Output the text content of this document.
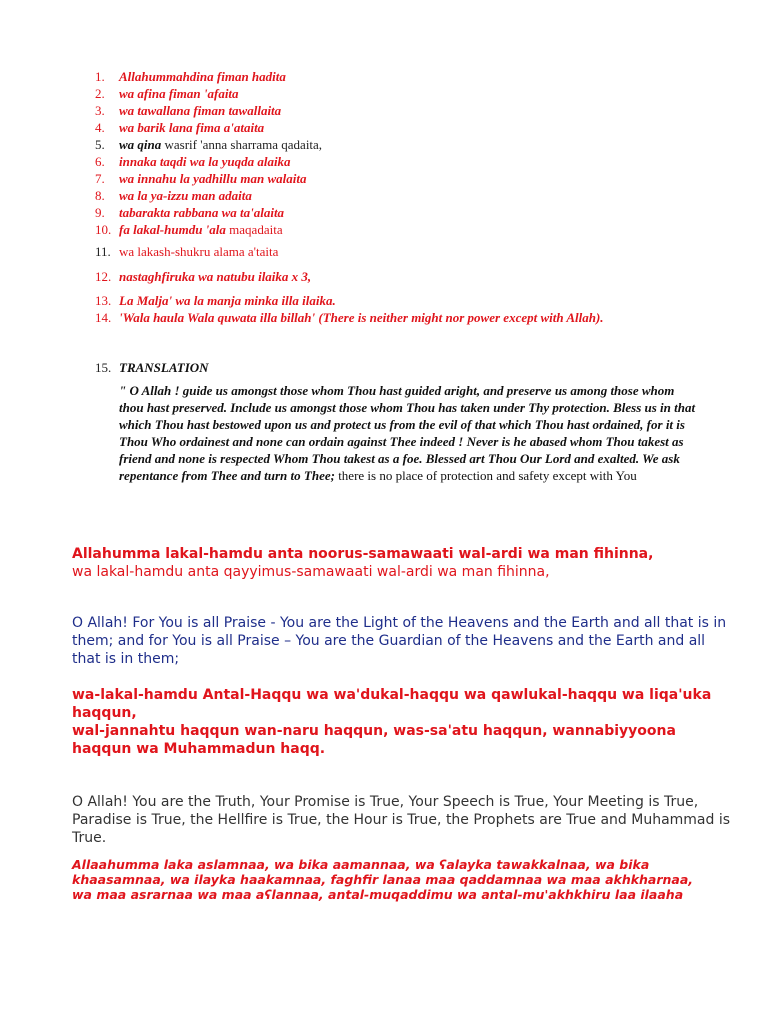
1. Allahummahdina fiman hadita
2. wa afina fiman 'afaita
3. wa tawallana fiman tawallaita
4. wa barik lana fima a'ataita
5. wa qina wasrif 'anna sharrama qadaita,
6. innaka taqdi wa la yuqda alaika
7. wa innahu la yadhillu man walaita
8. wa la ya-izzu man adaita
9. tabarakta rabbana wa ta'alaita
10. fa lakal-humdu 'ala maqadaita
11. wa lakash-shukru alama a'taita
12. nastaghfiruka wa natubu ilaika x 3,
13. La Malja' wa la manja minka illa ilaika.
14. 'Wala haula Wala quwata illa billah' (There is neither might nor power except with Allah).
15. TRANSLATION
" O Allah ! guide us amongst those whom Thou hast guided aright, and preserve us among those whom thou hast preserved. Include us amongst those whom Thou has taken under Thy protection. Bless us in that which Thou hast bestowed upon us and protect us from the evil of that which Thou hast ordained, for it is Thou Who ordainest and none can ordain against Thee indeed ! Never is he abased whom Thou takest as friend and none is respected Whom Thou takest as a foe. Blessed art Thou Our Lord and exalted. We ask repentance from Thee and turn to Thee; there is no place of protection and safety except with You
Allahumma lakal-hamdu anta noorus-samawaati wal-ardi wa man fihinna,
wa lakal-hamdu anta qayyimus-samawaati wal-ardi wa man fihinna,
O Allah! For You is all Praise - You are the Light of the Heavens and the Earth and all that is in them; and for You is all Praise – You are the Guardian of the Heavens and the Earth and all that is in them;
wa-lakal-hamdu Antal-Haqqu wa wa'dukal-haqqu wa qawlukal-haqqu wa liqa'uka haqqun,
wal-jannahtu haqqun wan-naru haqqun, was-sa'atu haqqun, wannabiyyoona
haqqun wa Muhammadun haqq.
O Allah! You are the Truth, Your Promise is True, Your Speech is True, Your Meeting is True, Paradise is True, the Hellfire is True, the Hour is True, the Prophets are True and Muhammad is True.
Allaahumma laka aslamnaa, wa bika aamannaa, wa ʕalayka tawakkalnaa, wa bika
khaasamnaa, wa ilayka haakamnaa, faghfir lanaa maa qaddamnaa wa maa akhkharnaa,
wa maa asrarnaa wa maa aʕlannaa, antal-muqaddimu wa antal-mu'akhkhiru laa ilaaha
